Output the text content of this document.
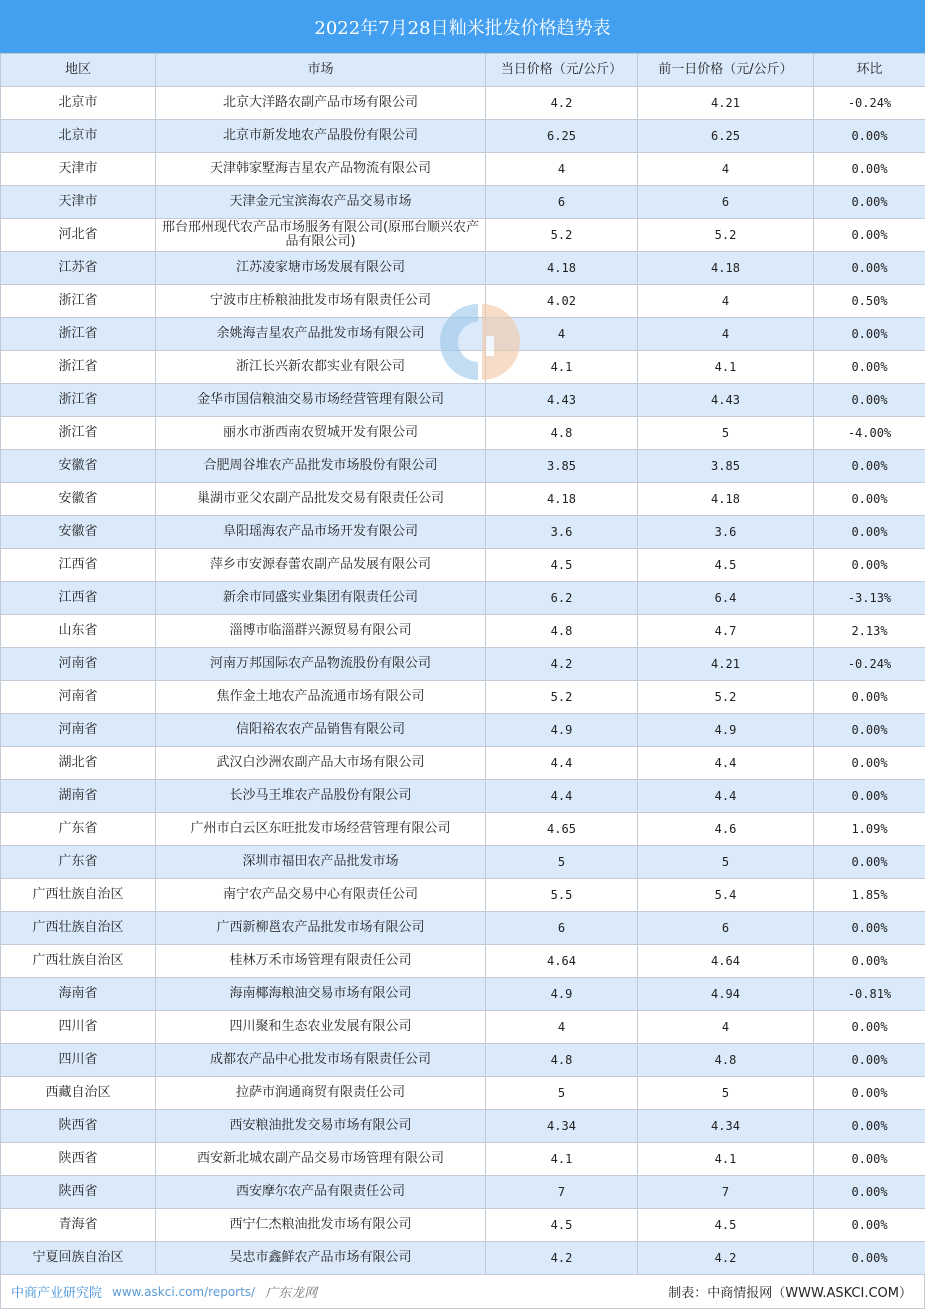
2022年7月28日籼米批发价格趋势表
地区	市场	当日价格（元/公斤）	前一日价格（元/公斤）	环比
北京市	北京大洋路农副产品市场有限公司	4.2	4.21	-0.24%
北京市	北京市新发地农产品股份有限公司	6.25	6.25	0.00%
天津市	天津韩家墅海吉星农产品物流有限公司	4	4	0.00%
天津市	天津金元宝滨海农产品交易市场	6	6	0.00%
河北省	邢台邢州现代农产品市场服务有限公司(原邢台顺兴农产品有限公司)	5.2	5.2	0.00%
江苏省	江苏凌家塘市场发展有限公司	4.18	4.18	0.00%
浙江省	宁波市庄桥粮油批发市场有限责任公司	4.02	4	0.50%
浙江省	余姚海吉星农产品批发市场有限公司	4	4	0.00%
浙江省	浙江长兴新农都实业有限公司	4.1	4.1	0.00%
浙江省	金华市国信粮油交易市场经营管理有限公司	4.43	4.43	0.00%
浙江省	丽水市浙西南农贸城开发有限公司	4.8	5	-4.00%
安徽省	合肥周谷堆农产品批发市场股份有限公司	3.85	3.85	0.00%
安徽省	巢湖市亚父农副产品批发交易有限责任公司	4.18	4.18	0.00%
安徽省	阜阳瑶海农产品市场开发有限公司	3.6	3.6	0.00%
江西省	萍乡市安源春蕾农副产品发展有限公司	4.5	4.5	0.00%
江西省	新余市同盛实业集团有限责任公司	6.2	6.4	-3.13%
山东省	淄博市临淄群兴源贸易有限公司	4.8	4.7	2.13%
河南省	河南万邦国际农产品物流股份有限公司	4.2	4.21	-0.24%
河南省	焦作金土地农产品流通市场有限公司	5.2	5.2	0.00%
河南省	信阳裕农农产品销售有限公司	4.9	4.9	0.00%
湖北省	武汉白沙洲农副产品大市场有限公司	4.4	4.4	0.00%
湖南省	长沙马王堆农产品股份有限公司	4.4	4.4	0.00%
广东省	广州市白云区东旺批发市场经营管理有限公司	4.65	4.6	1.09%
广东省	深圳市福田农产品批发市场	5	5	0.00%
广西壮族自治区	南宁农产品交易中心有限责任公司	5.5	5.4	1.85%
广西壮族自治区	广西新柳邕农产品批发市场有限公司	6	6	0.00%
广西壮族自治区	桂林万禾市场管理有限责任公司	4.64	4.64	0.00%
海南省	海南椰海粮油交易市场有限公司	4.9	4.94	-0.81%
四川省	四川聚和生态农业发展有限公司	4	4	0.00%
四川省	成都农产品中心批发市场有限责任公司	4.8	4.8	0.00%
西藏自治区	拉萨市润通商贸有限责任公司	5	5	0.00%
陕西省	西安粮油批发交易市场有限公司	4.34	4.34	0.00%
陕西省	西安新北城农副产品交易市场管理有限公司	4.1	4.1	0.00%
陕西省	西安摩尔农产品有限责任公司	7	7	0.00%
青海省	西宁仁杰粮油批发市场有限公司	4.5	4.5	0.00%
宁夏回族自治区	吴忠市鑫鲜农产品市场有限公司	4.2	4.2	0.00%
中商产业研究院 www.askci.com/reports/ 广东龙网	制表：中商情报网（WWW.ASKCI.COM）
